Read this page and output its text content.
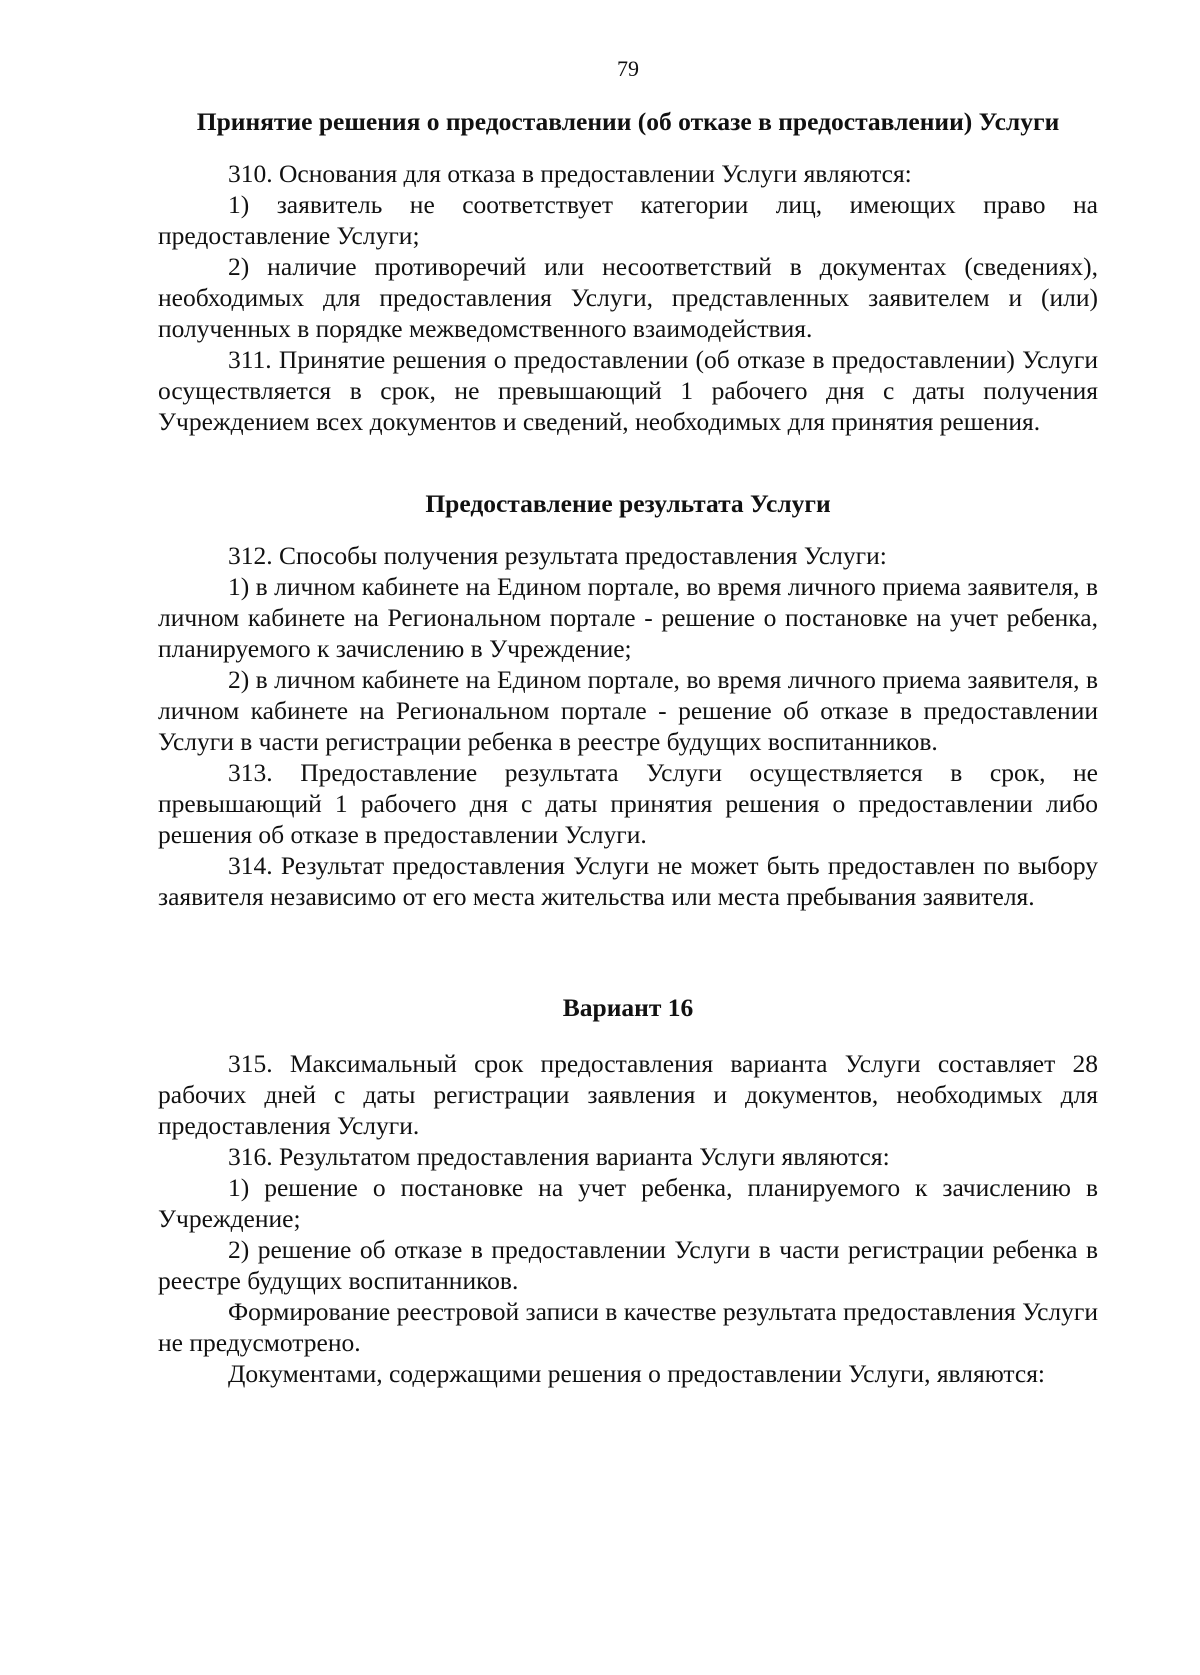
79
Принятие решения о предоставлении (об отказе в предоставлении) Услуги

310. Основания для отказа в предоставлении Услуги являются:

1) заявитель не соответствует категории лиц, имеющих право на предоставление Услуги;

2) наличие противоречий или несоответствий в документах (сведениях), необходимых для предоставления Услуги, представленных заявителем и (или) полученных в порядке межведомственного взаимодействия.

311. Принятие решения о предоставлении (об отказе в предоставлении) Услуги осуществляется в срок, не превышающий 1 рабочего дня с даты получения Учреждением всех документов и сведений, необходимых для принятия решения.

Предоставление результата Услуги

312. Способы получения результата предоставления Услуги:

1) в личном кабинете на Едином портале, во время личного приема заявителя, в личном кабинете на Региональном портале - решение о постановке на учет ребенка, планируемого к зачислению в Учреждение;

2) в личном кабинете на Едином портале, во время личного приема заявителя, в личном кабинете на Региональном портале - решение об отказе в предоставлении Услуги в части регистрации ребенка в реестре будущих воспитанников.

313. Предоставление результата Услуги осуществляется в срок, не превышающий 1 рабочего дня с даты принятия решения о предоставлении либо решения об отказе в предоставлении Услуги.

314. Результат предоставления Услуги не может быть предоставлен по выбору заявителя независимо от его места жительства или места пребывания заявителя.

Вариант 16

315. Максимальный срок предоставления варианта Услуги составляет 28 рабочих дней с даты регистрации заявления и документов, необходимых для предоставления Услуги.

316. Результатом предоставления варианта Услуги являются:

1) решение о постановке на учет ребенка, планируемого к зачислению в Учреждение;

2) решение об отказе в предоставлении Услуги в части регистрации ребенка в реестре будущих воспитанников.

Формирование реестровой записи в качестве результата предоставления Услуги не предусмотрено.

Документами, содержащими решения о предоставлении Услуги, являются:
